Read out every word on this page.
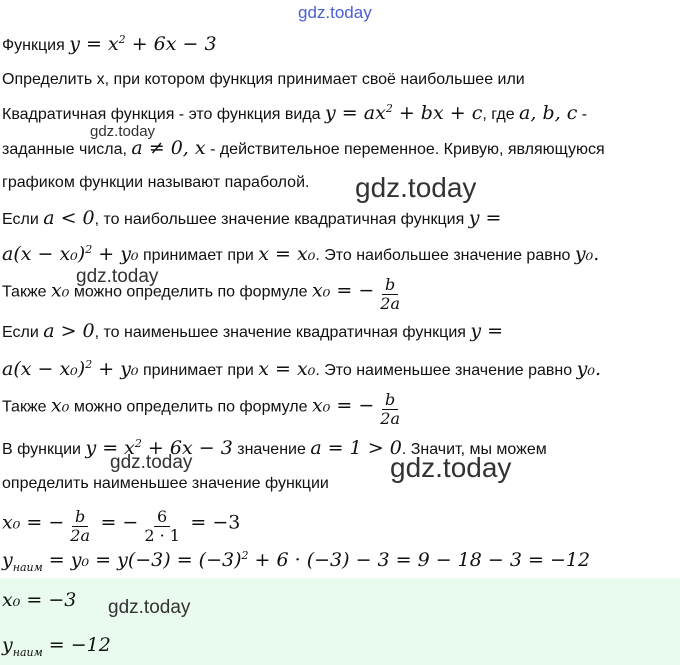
gdz.today
Функция $y = x^2 + 6x - 3$
Определить x, при котором функция принимает своё наибольшее или
Квадратичная функция - это функция вида $y = ax^2$ + bx + c, где a, b, c -
gdz.today
заданные числа, a ≠ 0, x - действительное переменное. Кривую, являющуюся
графиком функции называют параболой. gdz.today
Если a < 0, то наибольшее значение квадратичная функция y =
$a(x - x_0)^2 + y_0$ принимает при x = x₀. Это наибольшее значение равно y₀.
gdz.today
Также x₀ можно определить по формуле x₀ = − $\frac{b}{2a}$
Если a > 0, то наименьшее значение квадратичная функция y =
$a(x - x_0)^2 + y_0$ принимает при x = x₀. Это наименьшее значение равно y₀.
Также x₀ можно определить по формуле x₀ = − $\frac{b}{2a}$
В функции $y = x^2 + 6x - 3$ значение a = 1 > 0. Значит, мы можем
gdz.today	gdz.today
определить наименьшее значение функции
x₀ = − $\frac{b}{2a}$ = − $\frac{6}{2 \cdot 1} = -3$
$y_{наим} = y_0 = y(-3) = (-3)^2 + 6 \cdot (-3) - 3 = 9 - 18 - 3 = -12$
x₀ = −3 gdz.today
$y_{наим} = -12$
